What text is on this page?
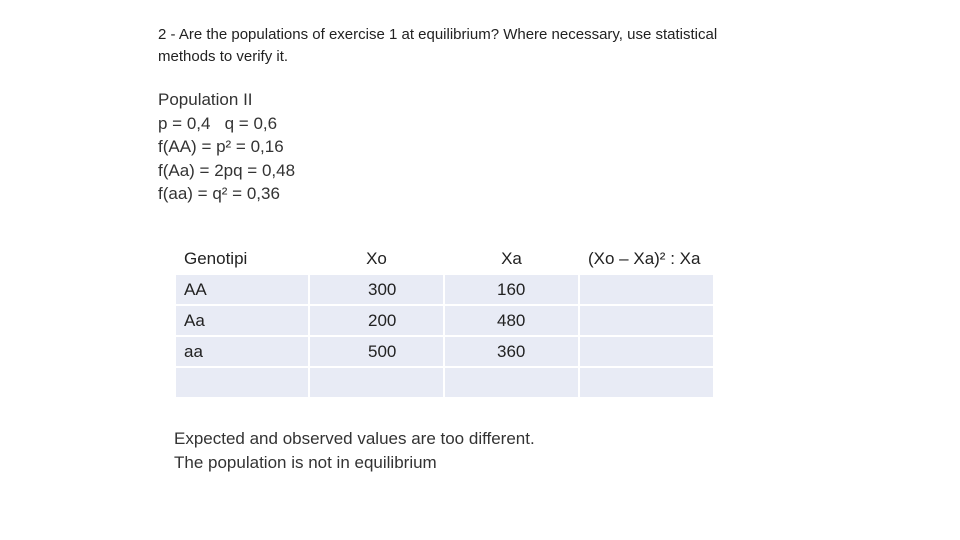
2 - Are the populations of exercise 1 at equilibrium? Where necessary, use statistical
methods to verify it.
Population II
p = 0,4   q = 0,6
f(AA) = p² = 0,16
f(Aa) = 2pq = 0,48
f(aa) = q² = 0,36
Genotipi	Xo	Xa	(Xo – Xa)² : Xa
AA	300	160	
Aa	200	480	
aa	500	360	

Expected and observed values are too different.
The population is not in equilibrium
